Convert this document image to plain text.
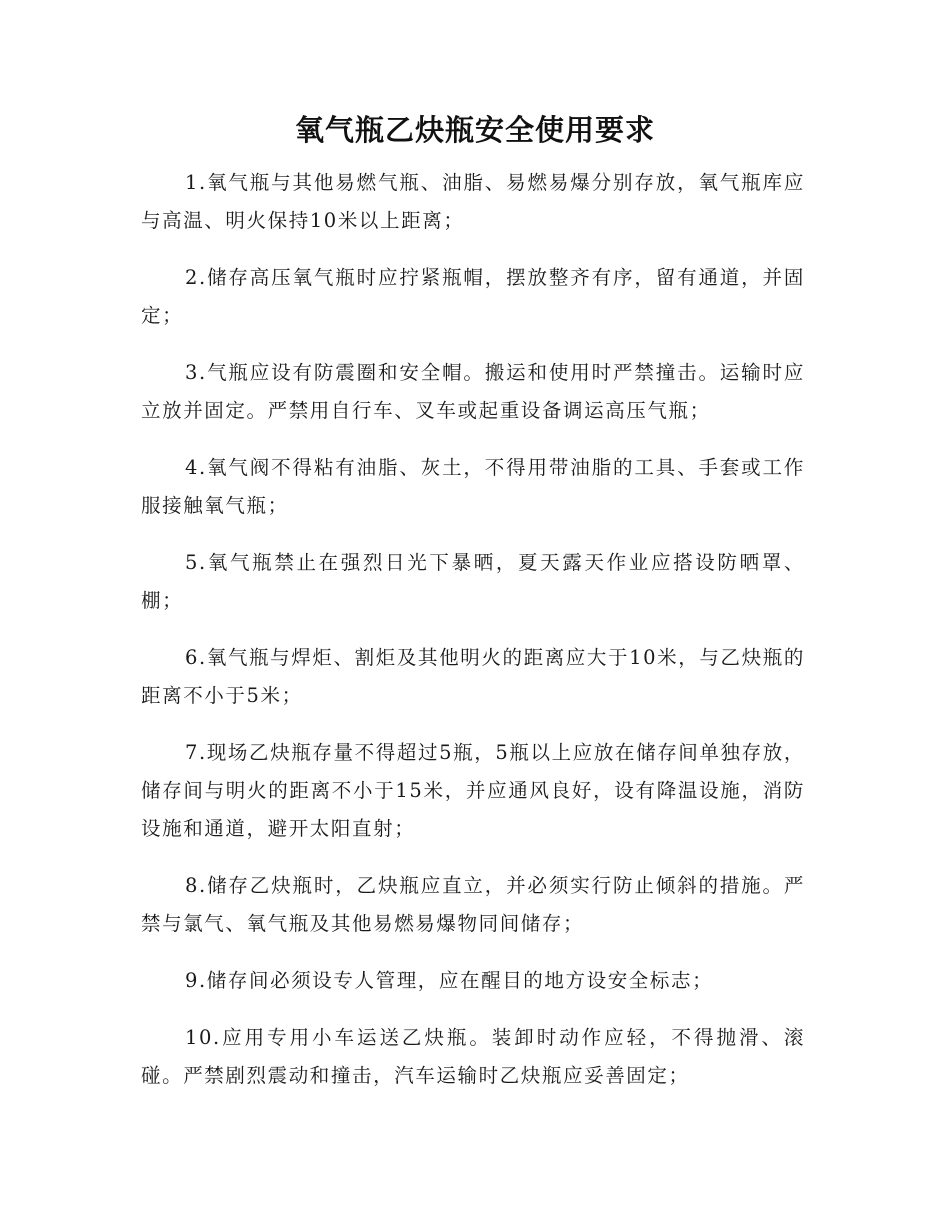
氧气瓶乙炔瓶安全使用要求

1.氧气瓶与其他易燃气瓶、油脂、易燃易爆分别存放，氧气瓶库应与高温、明火保持10米以上距离；

2.储存高压氧气瓶时应拧紧瓶帽，摆放整齐有序，留有通道，并固定；

3.气瓶应设有防震圈和安全帽。搬运和使用时严禁撞击。运输时应立放并固定。严禁用自行车、叉车或起重设备调运高压气瓶；

4.氧气阀不得粘有油脂、灰土，不得用带油脂的工具、手套或工作服接触氧气瓶；

5.氧气瓶禁止在强烈日光下暴晒，夏天露天作业应搭设防晒罩、棚；

6.氧气瓶与焊炬、割炬及其他明火的距离应大于10米，与乙炔瓶的距离不小于5米；

7.现场乙炔瓶存量不得超过5瓶，5瓶以上应放在储存间单独存放，储存间与明火的距离不小于15米，并应通风良好，设有降温设施，消防设施和通道，避开太阳直射；

8.储存乙炔瓶时，乙炔瓶应直立，并必须实行防止倾斜的措施。严禁与氯气、氧气瓶及其他易燃易爆物同间储存；

9.储存间必须设专人管理，应在醒目的地方设安全标志；

10.应用专用小车运送乙炔瓶。装卸时动作应轻，不得抛滑、滚碰。严禁剧烈震动和撞击，汽车运输时乙炔瓶应妥善固定；
